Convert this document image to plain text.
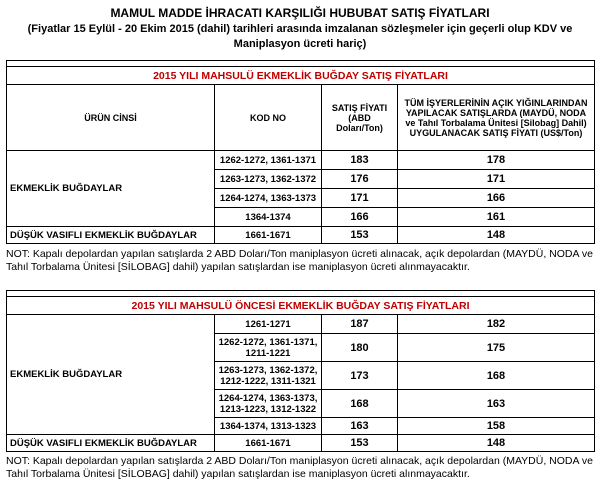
MAMUL MADDE İHRACATI KARŞILIĞI HUBUBAT SATIŞ FİYATLARI
(Fiyatlar 15 Eylül - 20 Ekim 2015 (dahil) tarihleri arasında imzalanan sözleşmeler için geçerli olup KDV ve
Maniplasyon ücreti hariç)

2015 YILI MAHSULÜ EKMEKLİK BUĞDAY SATIŞ FİYATLARI			
ÜRÜN CİNSİ	KOD NO	SATIŞ FİYATI (ABD Doları/Ton)	TÜM İŞYERLERİNİN AÇIK YIĞINLARINDAN YAPILACAK SATIŞLARDA (MAYDÜ, NODA ve Tahıl Torbalama Ünitesi [Silobag] Dahil) UYGULANACAK SATIŞ FİYATI (US$/Ton)
EKMEKLİK BUĞDAYLAR	1262-1272, 1361-1371	183	178
	1263-1273, 1362-1372	176	171
	1264-1274, 1363-1373	171	166
	1364-1374	166	161
DÜŞÜK VASIFLI EKMEKLİK BUĞDAYLAR	1661-1671	153	148
NOT: Kapalı depolardan yapılan satışlarda 2 ABD Doları/Ton maniplasyon ücreti alınacak, açık depolardan (MAYDÜ, NODA ve Tahıl Torbalama Ünitesi [SİLOBAG] dahil) yapılan satışlardan ise maniplasyon ücreti alınmayacaktır.

2015 YILI MAHSULÜ ÖNCESİ EKMEKLİK BUĞDAY SATIŞ FİYATLARI			
EKMEKLİK BUĞDAYLAR	1261-1271	187	182
	1262-1272, 1361-1371, 1211-1221	180	175
	1263-1273, 1362-1372, 1212-1222, 1311-1321	173	168
	1264-1274, 1363-1373, 1213-1223, 1312-1322	168	163
	1364-1374, 1313-1323	163	158
DÜŞÜK VASIFLI EKMEKLİK BUĞDAYLAR	1661-1671	153	148
NOT: Kapalı depolardan yapılan satışlarda 2 ABD Doları/Ton maniplasyon ücreti alınacak, açık depolardan (MAYDÜ, NODA ve Tahıl Torbalama Ünitesi [SİLOBAG] dahil) yapılan satışlardan ise maniplasyon ücreti alınmayacaktır.
